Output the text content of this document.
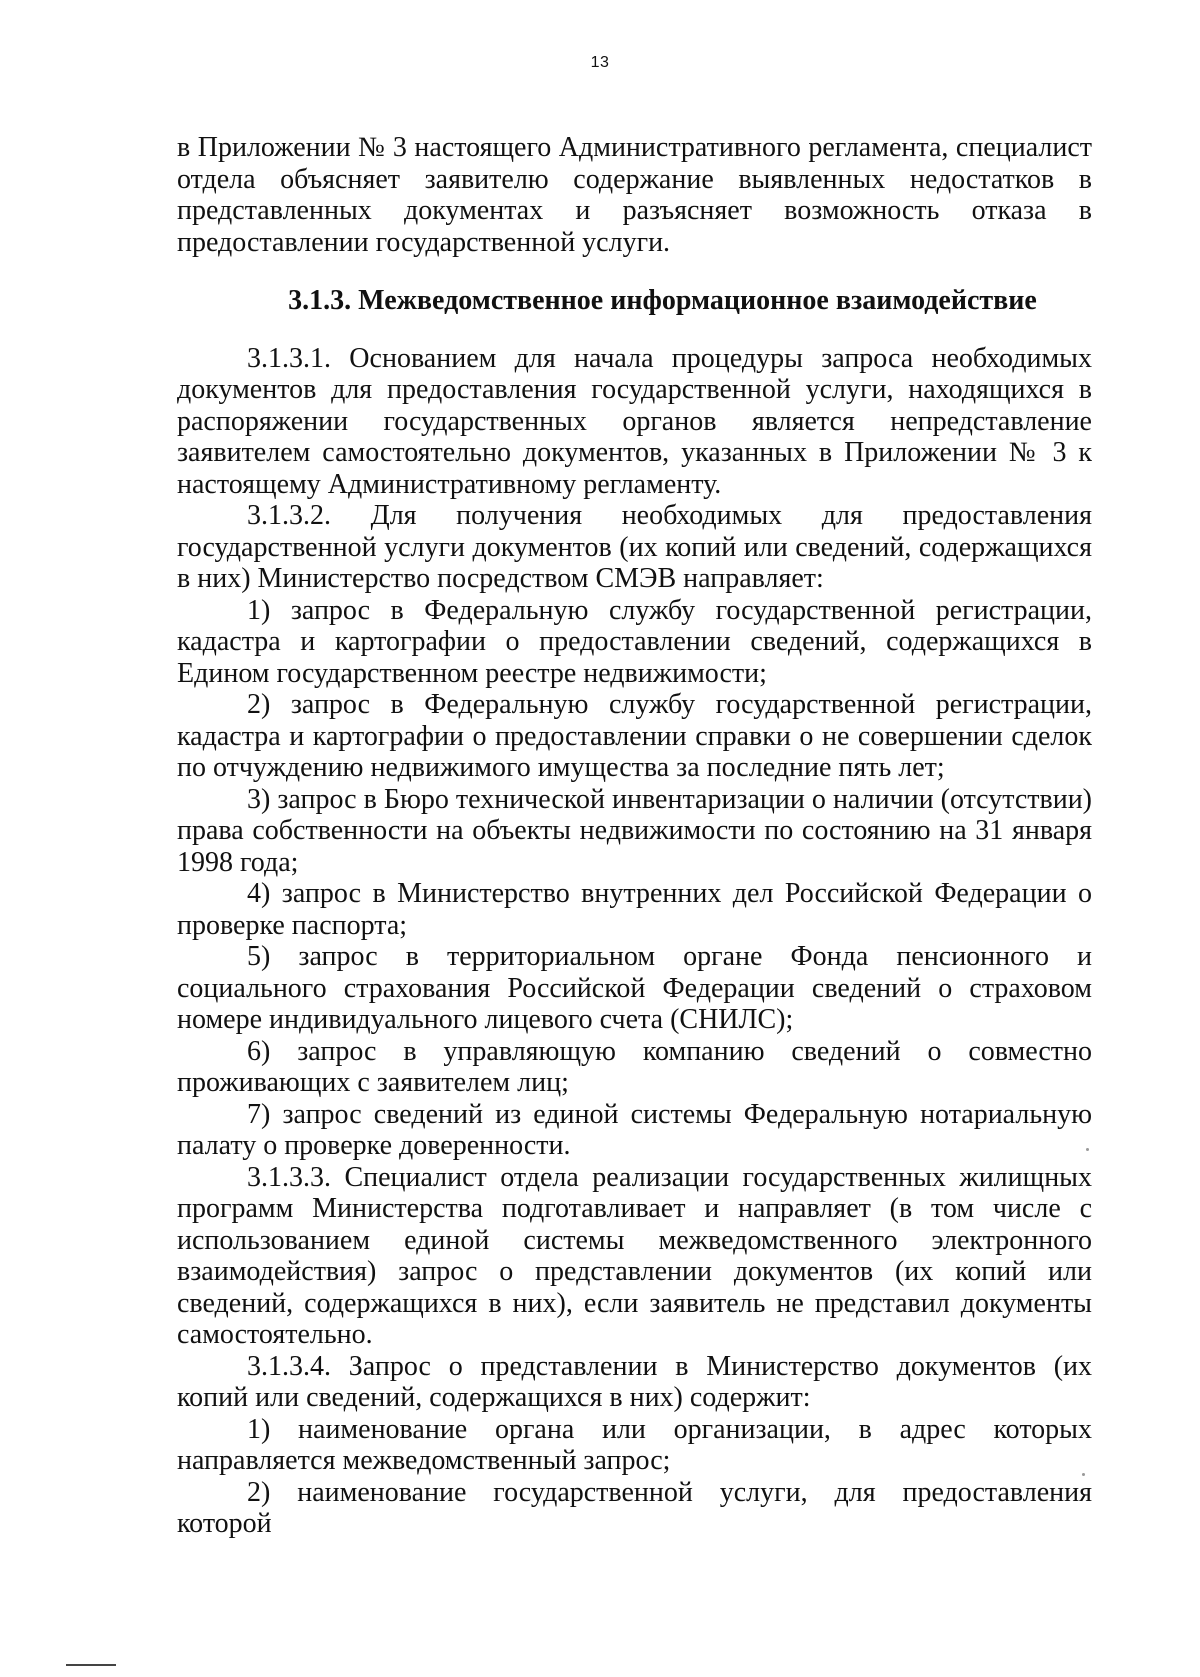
13

в Приложении № 3 настоящего Административного регламента, специалист отдела объясняет заявителю содержание выявленных недостатков в представленных документах и разъясняет возможность отказа в предоставлении государственной услуги.

3.1.3. Межведомственное информационное взаимодействие

3.1.3.1. Основанием для начала процедуры запроса необходимых документов для предоставления государственной услуги, находящихся в распоряжении государственных органов является непредставление заявителем самостоятельно документов, указанных в Приложении № 3 к настоящему Административному регламенту.

3.1.3.2. Для получения необходимых для предоставления государственной услуги документов (их копий или сведений, содержащихся в них) Министерство посредством СМЭВ направляет:

1) запрос в Федеральную службу государственной регистрации, кадастра и картографии о предоставлении сведений, содержащихся в Едином государственном реестре недвижимости;

2) запрос в Федеральную службу государственной регистрации, кадастра и картографии о предоставлении справки о не совершении сделок по отчуждению недвижимого имущества за последние пять лет;

3) запрос в Бюро технической инвентаризации о наличии (отсутствии) права собственности на объекты недвижимости по состоянию на 31 января 1998 года;

4) запрос в Министерство внутренних дел Российской Федерации о проверке паспорта;

5) запрос в территориальном органе Фонда пенсионного и социального страхования Российской Федерации сведений о страховом номере индивидуального лицевого счета (СНИЛС);

6) запрос в управляющую компанию сведений о совместно проживающих с заявителем лиц;

7) запрос сведений из единой системы Федеральную нотариальную палату о проверке доверенности.

3.1.3.3. Специалист отдела реализации государственных жилищных программ Министерства подготавливает и направляет (в том числе с использованием единой системы межведомственного электронного взаимодействия) запрос о представлении документов (их копий или сведений, содержащихся в них), если заявитель не представил документы самостоятельно.

3.1.3.4. Запрос о представлении в Министерство документов (их копий или сведений, содержащихся в них) содержит:

1) наименование органа или организации, в адрес которых направляется межведомственный запрос;

2) наименование государственной услуги, для предоставления которой
